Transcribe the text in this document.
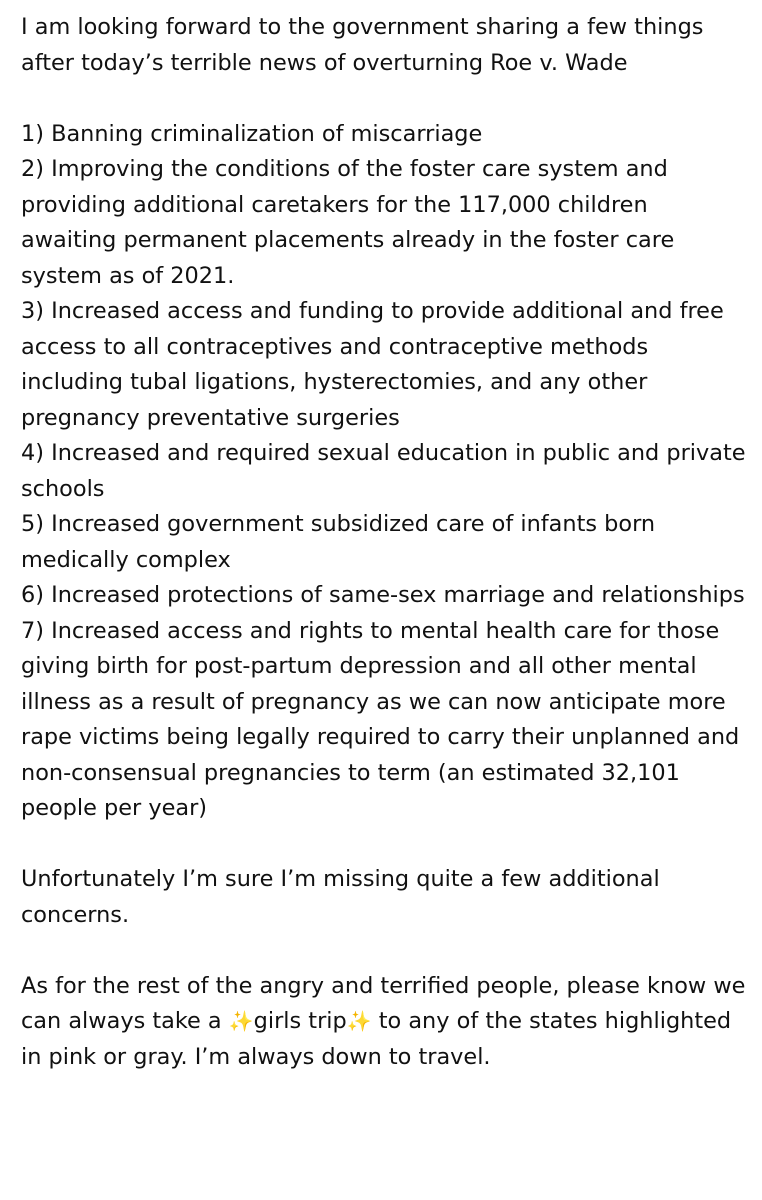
I am looking forward to the government sharing a few things after today’s terrible news of overturning Roe v. Wade

1) Banning criminalization of miscarriage

2) Improving the conditions of the foster care system and providing additional caretakers for the 117,000 children awaiting permanent placements already in the foster care system as of 2021.

3) Increased access and funding to provide additional and free access to all contraceptives and contraceptive methods including tubal ligations, hysterectomies, and any other pregnancy preventative surgeries

4) Increased and required sexual education in public and private schools

5) Increased government subsidized care of infants born medically complex

6) Increased protections of same-sex marriage and relationships

7) Increased access and rights to mental health care for those giving birth for post-partum depression and all other mental illness as a result of pregnancy as we can now anticipate more rape victims being legally required to carry their unplanned and non-consensual pregnancies to term (an estimated 32,101 people per year)

Unfortunately I’m sure I’m missing quite a few additional concerns.

As for the rest of the angry and terrified people, please know we can always take a ✨girls trip✨ to any of the states highlighted in pink or gray. I’m always down to travel.
